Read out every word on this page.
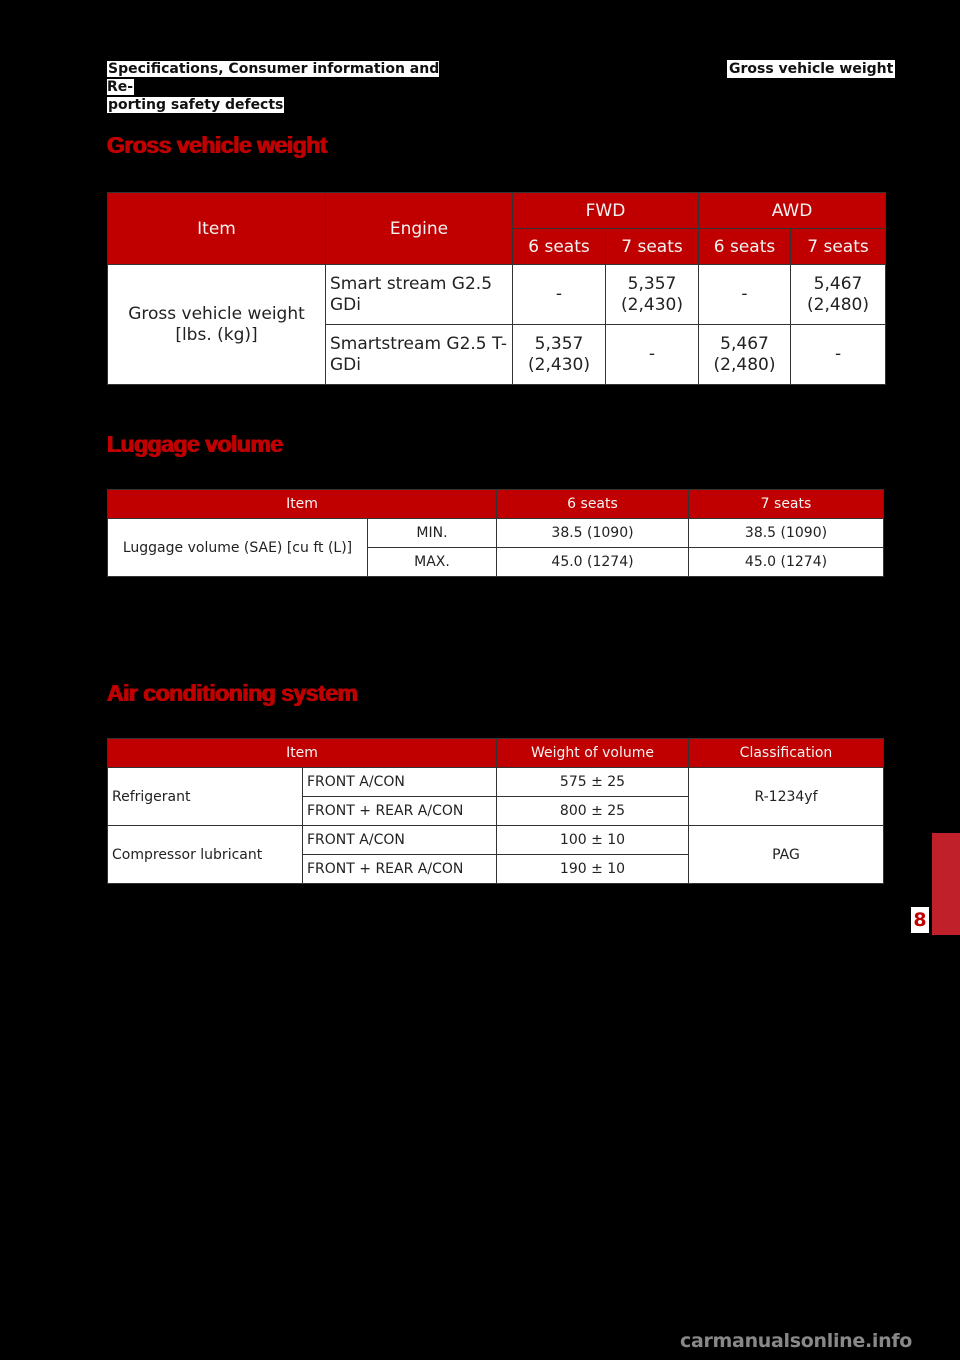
Specifications, Consumer information and Re-
porting safety defects
Gross vehicle weight
Gross vehicle weight
Item	Engine	FWD		AWD	
		6 seats	7 seats	6 seats	7 seats
Gross vehicle weight [lbs. (kg)]	Smart stream G2.5 GDi	-	5,357 (2,430)	-	5,467 (2,480)
	Smartstream G2.5 T-GDi	5,357 (2,430)	-	5,467 (2,480)	-
Luggage volume
Item		6 seats	7 seats
Luggage volume (SAE) [cu ft (L)]	MIN.	38.5 (1090)	38.5 (1090)
	MAX.	45.0 (1274)	45.0 (1274)
Air conditioning system
Item		Weight of volume	Classification
Refrigerant	FRONT A/CON	575 ± 25	R-1234yf
	FRONT + REAR A/CON	800 ± 25	
Compressor lubricant	FRONT A/CON	100 ± 10	PAG
	FRONT + REAR A/CON	190 ± 10	
8
carmanualsonline.info
